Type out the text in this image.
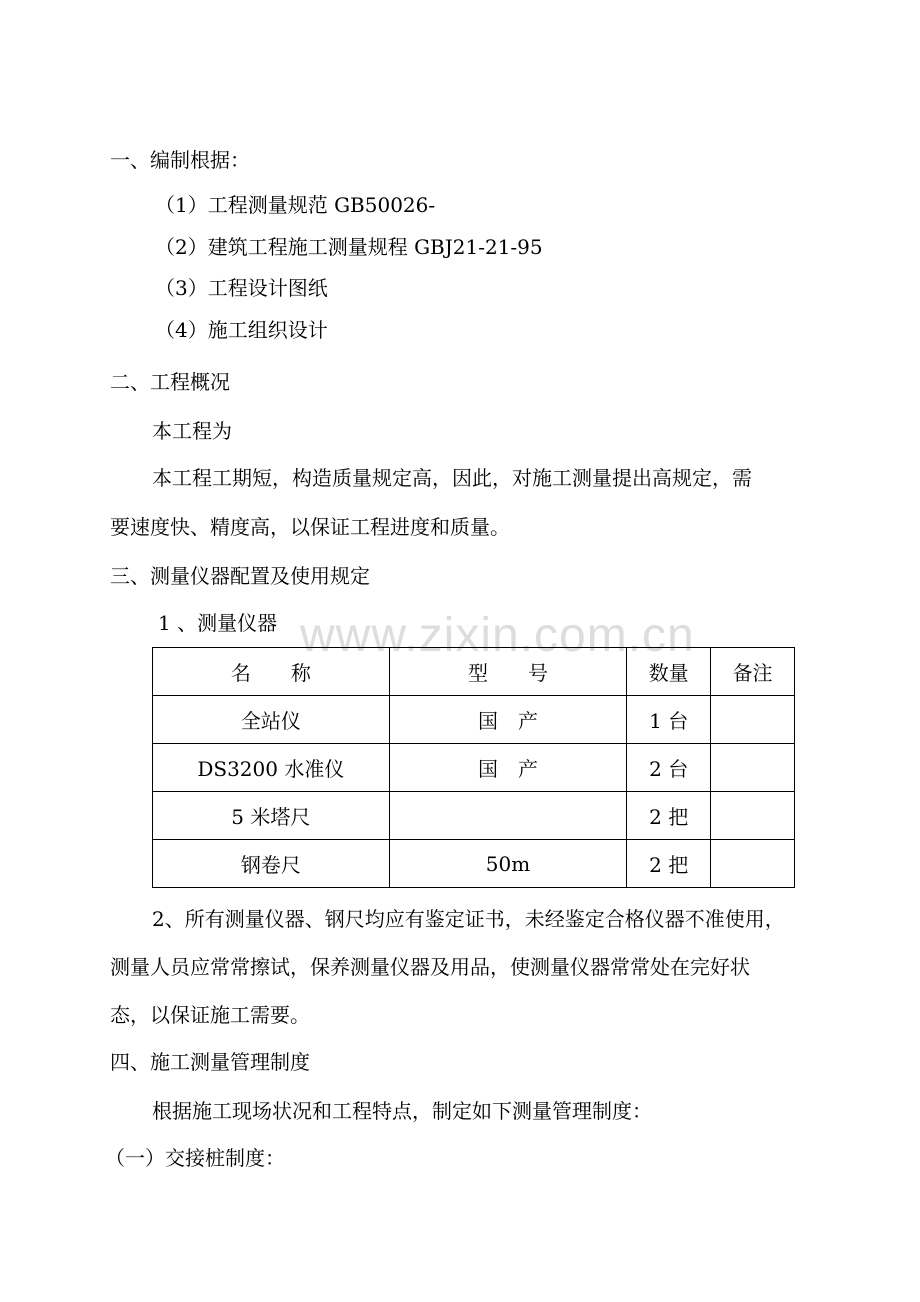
一、编制根据：
（1）工程测量规范 GB50026-
（2）建筑工程施工测量规程 GBJ21-21-95
（3）工程设计图纸
（4）施工组织设计
二、工程概况
本工程为
本工程工期短，构造质量规定高，因此，对施工测量提出高规定，需
要速度快、精度高，以保证工程进度和质量。
三、测量仪器配置及使用规定
1 、测量仪器 www.zixin.com.cn
名　　称	型　　号	数量	备注
全站仪	国　产	1 台	
DS3200 水准仪	国　产	2 台	
5 米塔尺		2 把	
钢卷尺	50m	2 把	
2、所有测量仪器、钢尺均应有鉴定证书，未经鉴定合格仪器不准使用，
测量人员应常常擦试，保养测量仪器及用品，使测量仪器常常处在完好状
态，以保证施工需要。
四、施工测量管理制度
根据施工现场状况和工程特点，制定如下测量管理制度：
（一）交接桩制度：
